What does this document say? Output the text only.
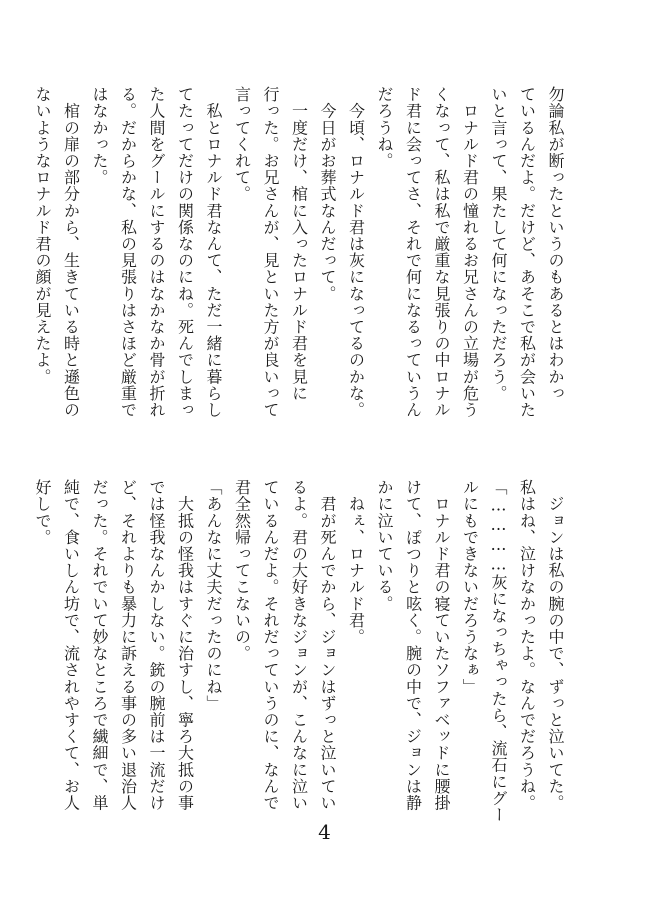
勿論私が断ったというのもあるとはわかっ
ているんだよ。だけど、あそこで私が会いた
いと言って、果たして何になっただろう。
　ロナルド君の憧れるお兄さんの立場が危う
くなって、私は私で厳重な見張りの中ロナル
ド君に会ってさ、それで何になるっていうん
だろうね。
　今頃、ロナルド君は灰になってるのかな。
　今日がお葬式なんだって。
　一度だけ、棺に入ったロナルド君を見に
行った。お兄さんが、見といた方が良いって
言ってくれて。
　私とロナルド君なんて、ただ一緒に暮らし
てたってだけの関係なのにね。死んでしまっ
た人間をグールにするのはなかなか骨が折れ
る。だからかな、私の見張りはさほど厳重で
はなかった。
　棺の扉の部分から、生きている時と遜色の
ないようなロナルド君の顔が見えたよ。
　ジョンは私の腕の中で、ずっと泣いてた。
私はね、泣けなかったよ。なんでだろうね。
「…………灰になっちゃったら、流石にグー
ルにもできないだろうなぁ」
　ロナルド君の寝ていたソファベッドに腰掛
けて、ぽつりと呟く。腕の中で、ジョンは静
かに泣いている。
　ねぇ、ロナルド君。
　君が死んでから、ジョンはずっと泣いてい
るよ。君の大好きなジョンが、こんなに泣い
ているんだよ。それだっていうのに、なんで
君全然帰ってこないの。
「あんなに丈夫だったのにね」
　大抵の怪我はすぐに治すし、寧ろ大抵の事
では怪我なんかしない。銃の腕前は一流だけ
ど、それよりも暴力に訴える事の多い退治人
だった。それでいて妙なところで繊細で、単
純で、食いしん坊で、流されやすくて、お人
好しで。
4
